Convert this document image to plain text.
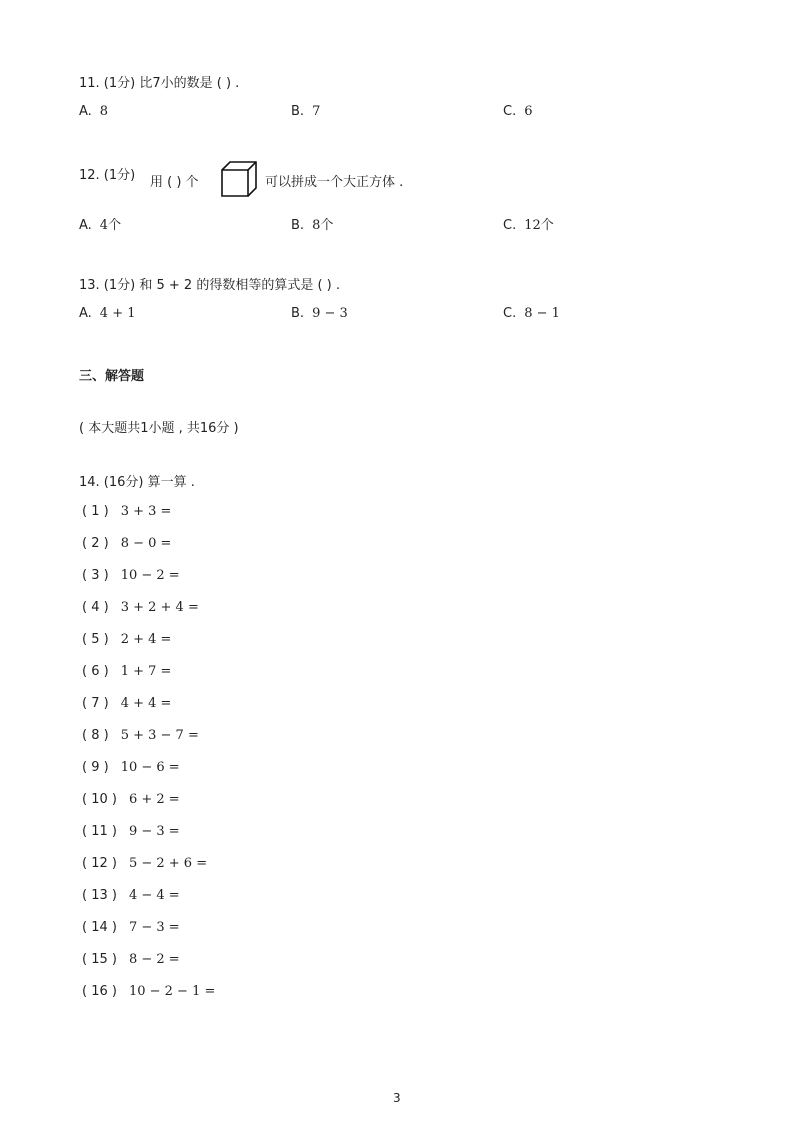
11. (1分) 比7小的数是 ( ) .
A. 8	B. 7	C. 6
12. (1分) 用 ( ) 个	可以拼成一个大正方体 .
A. 4个	B. 8个	C. 12个
13. (1分) 和 5 + 2 的得数相等的算式是 ( ) .
A. 4 + 1	B. 9 − 3	C. 8 − 1
三、解答题
( 本大题共1小题 , 共16分 )
14. (16分) 算一算 .
( 1 ) 3 + 3 =
( 2 ) 8 − 0 =
( 3 ) 10 − 2 =
( 4 ) 3 + 2 + 4 =
( 5 ) 2 + 4 =
( 6 ) 1 + 7 =
( 7 ) 4 + 4 =
( 8 ) 5 + 3 − 7 =
( 9 ) 10 − 6 =
( 10 ) 6 + 2 =
( 11 ) 9 − 3 =
( 12 ) 5 − 2 + 6 =
( 13 ) 4 − 4 =
( 14 ) 7 − 3 =
( 15 ) 8 − 2 =
( 16 ) 10 − 2 − 1 =
3
